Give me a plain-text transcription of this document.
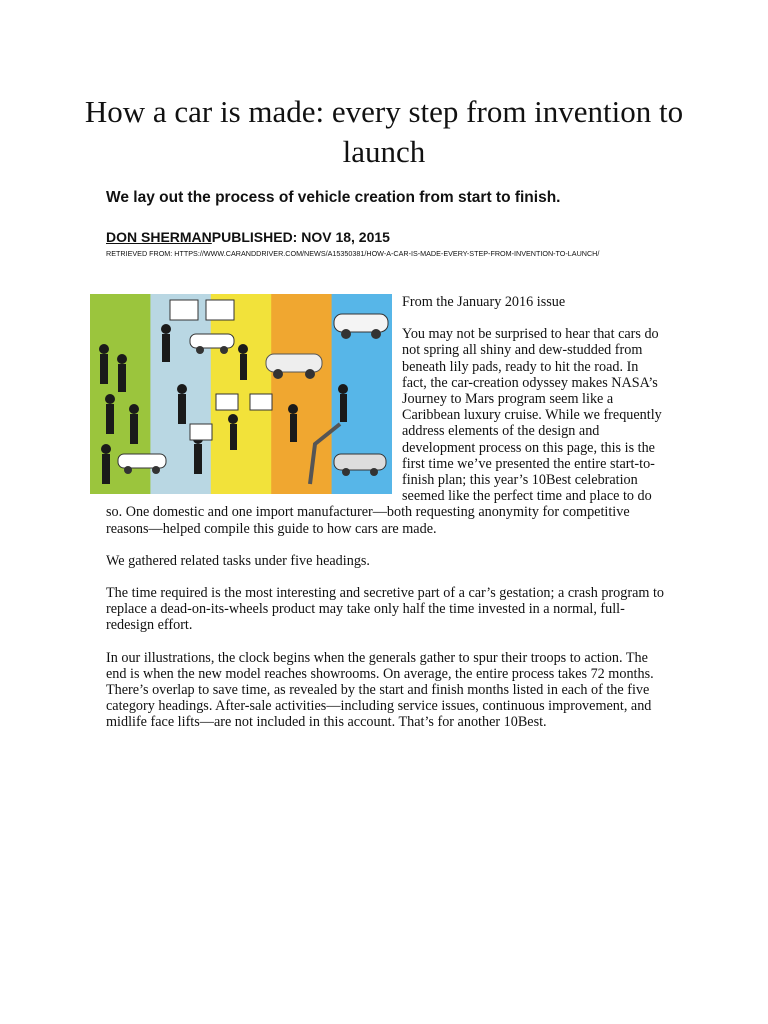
How a car is made: every step from invention to launch
We lay out the process of vehicle creation from start to finish.
DON SHERMANPUBLISHED: NOV 18, 2015
RETRIEVED FROM: HTTPS://WWW.CARANDDRIVER.COM/NEWS/A15350381/HOW-A-CAR-IS-MADE-EVERY-STEP-FROM-INVENTION-TO-LAUNCH/

From the January 2016 issue

You may not be surprised to hear that cars do not spring all shiny and dew-studded from beneath lily pads, ready to hit the road. In fact, the car-creation odyssey makes NASA’s Journey to Mars program seem like a Caribbean luxury cruise. While we frequently address elements of the design and development process on this page, this is the first time we’ve presented the entire start-to-finish plan; this year’s 10Best celebration seemed like the perfect time and place to do so. One domestic and one import manufacturer—both requesting anonymity for competitive reasons—helped compile this guide to how cars are made.

We gathered related tasks under five headings.

The time required is the most interesting and secretive part of a car’s gestation; a crash program to replace a dead-on-its-wheels product may take only half the time invested in a normal, full-redesign effort.

In our illustrations, the clock begins when the generals gather to spur their troops to action. The end is when the new model reaches showrooms. On average, the entire process takes 72 months. There’s overlap to save time, as revealed by the start and finish months listed in each of the five category headings. After-sale activities—including service issues, continuous improvement, and midlife face lifts—are not included in this account. That’s for another 10Best.
